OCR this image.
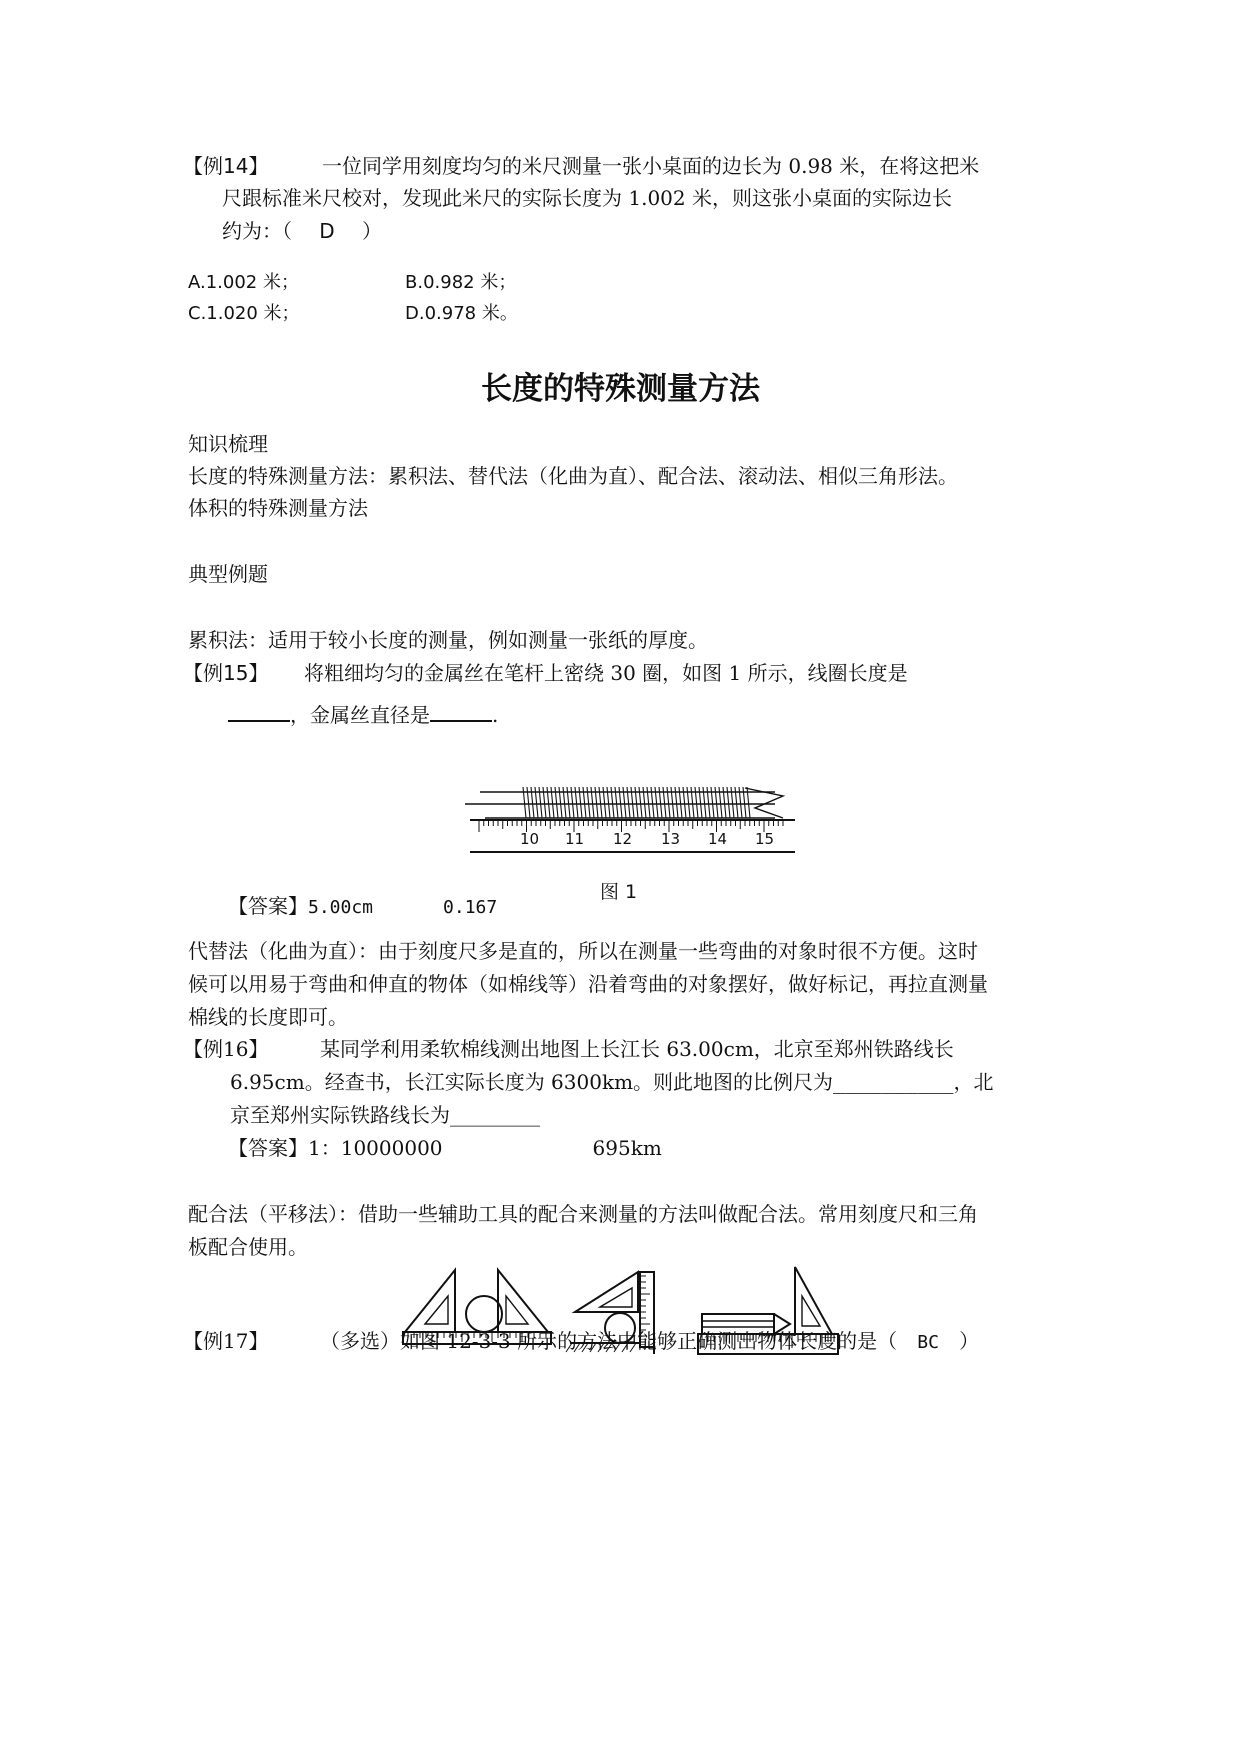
【例14】	一位同学用刻度均匀的米尺测量一张小桌面的边长为 0.98 米，在将这把米
尺跟标准米尺校对，发现此米尺的实际长度为 1.002 米，则这张小桌面的实际边长
约为：（ D ）
A.1.002 米；	B.0.982 米；
C.1.020 米；	D.0.978 米。
长度的特殊测量方法
知识梳理
长度的特殊测量方法：累积法、替代法（化曲为直）、配合法、滚动法、相似三角形法。
体积的特殊测量方法
典型例题
累积法：适用于较小长度的测量，例如测量一张纸的厚度。
【例15】 将粗细均匀的金属丝在笔杆上密绕 30 圈，如图 1 所示，线圈长度是
，金属丝直径是	.
10 11 12 13 14 15
图 1
【答案】5.00cm	0.167
代替法（化曲为直）：由于刻度尺多是直的，所以在测量一些弯曲的对象时很不方便。这时
候可以用易于弯曲和伸直的物体（如棉线等）沿着弯曲的对象摆好，做好标记，再拉直测量
棉线的长度即可。
【例16】	某同学利用柔软棉线测出地图上长江长 63.00cm，北京至郑州铁路线长
6.95cm。经查书，长江实际长度为 6300km。则此地图的比例尺为__________，北
京至郑州实际铁路线长为_________
【答案】1：10000000	695km
配合法（平移法）：借助一些辅助工具的配合来测量的方法叫做配合法。常用刻度尺和三角
板配合使用。
【例17】	（多选）如图 12-3-3 所示的方法中能够正确测出物体长度的是（ BC ）
